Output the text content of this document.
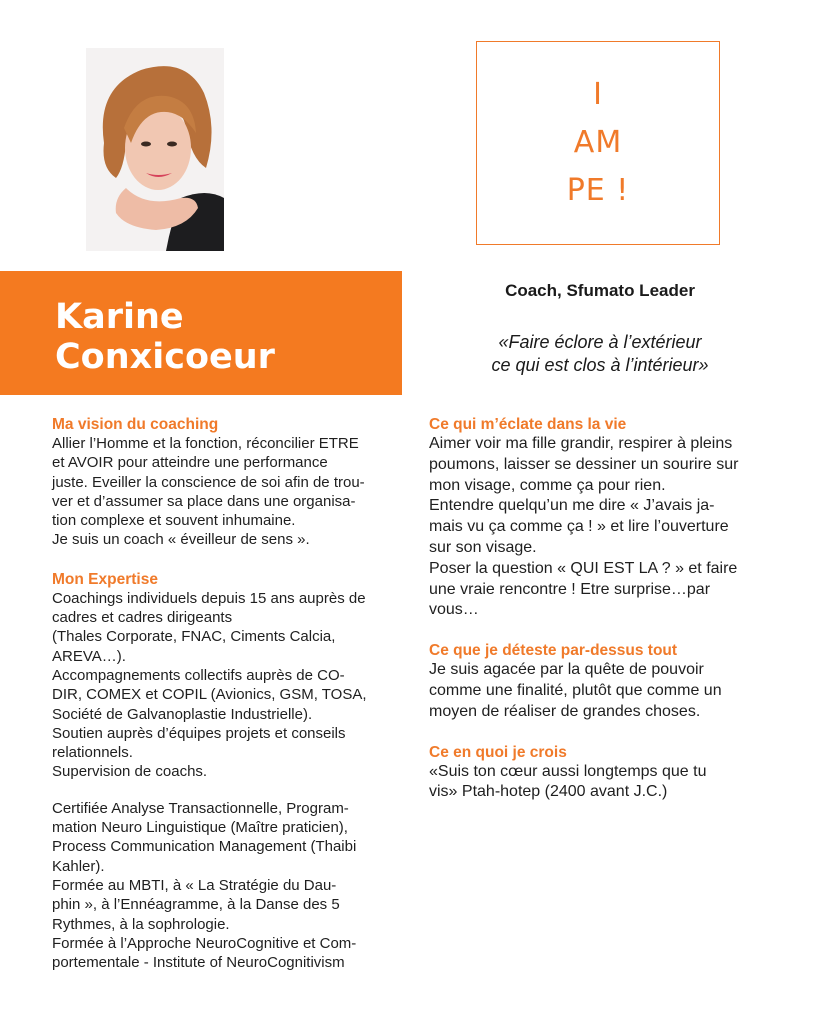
I
AM
PE !
Karine
Conxicoeur
Coach, Sfumato Leader
«Faire éclore à l’extérieur
ce qui est clos à l’intérieur»
Ma vision du coaching
Allier l’Homme et la fonction, réconcilier ETRE
et AVOIR pour atteindre une performance
juste. Eveiller la conscience de soi afin de trou-
ver et d’assumer sa place dans une organisa-
tion complexe et souvent inhumaine.
Je suis un coach « éveilleur de sens ».
Mon Expertise
Coachings individuels depuis 15 ans auprès de
cadres et cadres dirigeants
(Thales Corporate, FNAC, Ciments Calcia,
AREVA…).
Accompagnements collectifs auprès de CO-
DIR, COMEX et COPIL (Avionics, GSM, TOSA,
Société de Galvanoplastie Industrielle).
Soutien auprès d’équipes projets et conseils
relationnels.
Supervision de coachs.
Certifiée Analyse Transactionnelle, Program-
mation Neuro Linguistique (Maître praticien),
Process Communication Management (Thaibi
Kahler).
Formée au MBTI, à « La Stratégie du Dau-
phin », à l’Ennéagramme, à la Danse des 5
Rythmes, à la sophrologie.
Formée à l’Approche NeuroCognitive et Com-
portementale - Institute of NeuroCognitivism
Ce qui m’éclate dans la vie
Aimer voir ma fille grandir, respirer à pleins
poumons, laisser se dessiner un sourire sur
mon visage, comme ça pour rien.
Entendre quelqu’un me dire « J’avais ja-
mais vu ça comme ça ! » et lire l’ouverture
sur son visage.
Poser la question « QUI EST LA ? » et faire
une vraie rencontre ! Etre surprise…par
vous…
Ce que je déteste par-dessus tout
Je suis agacée par la quête de pouvoir
comme une finalité, plutôt que comme un
moyen de réaliser de grandes choses.
Ce en quoi je crois
«Suis ton cœur aussi longtemps que tu
vis» Ptah-hotep (2400 avant J.C.)
